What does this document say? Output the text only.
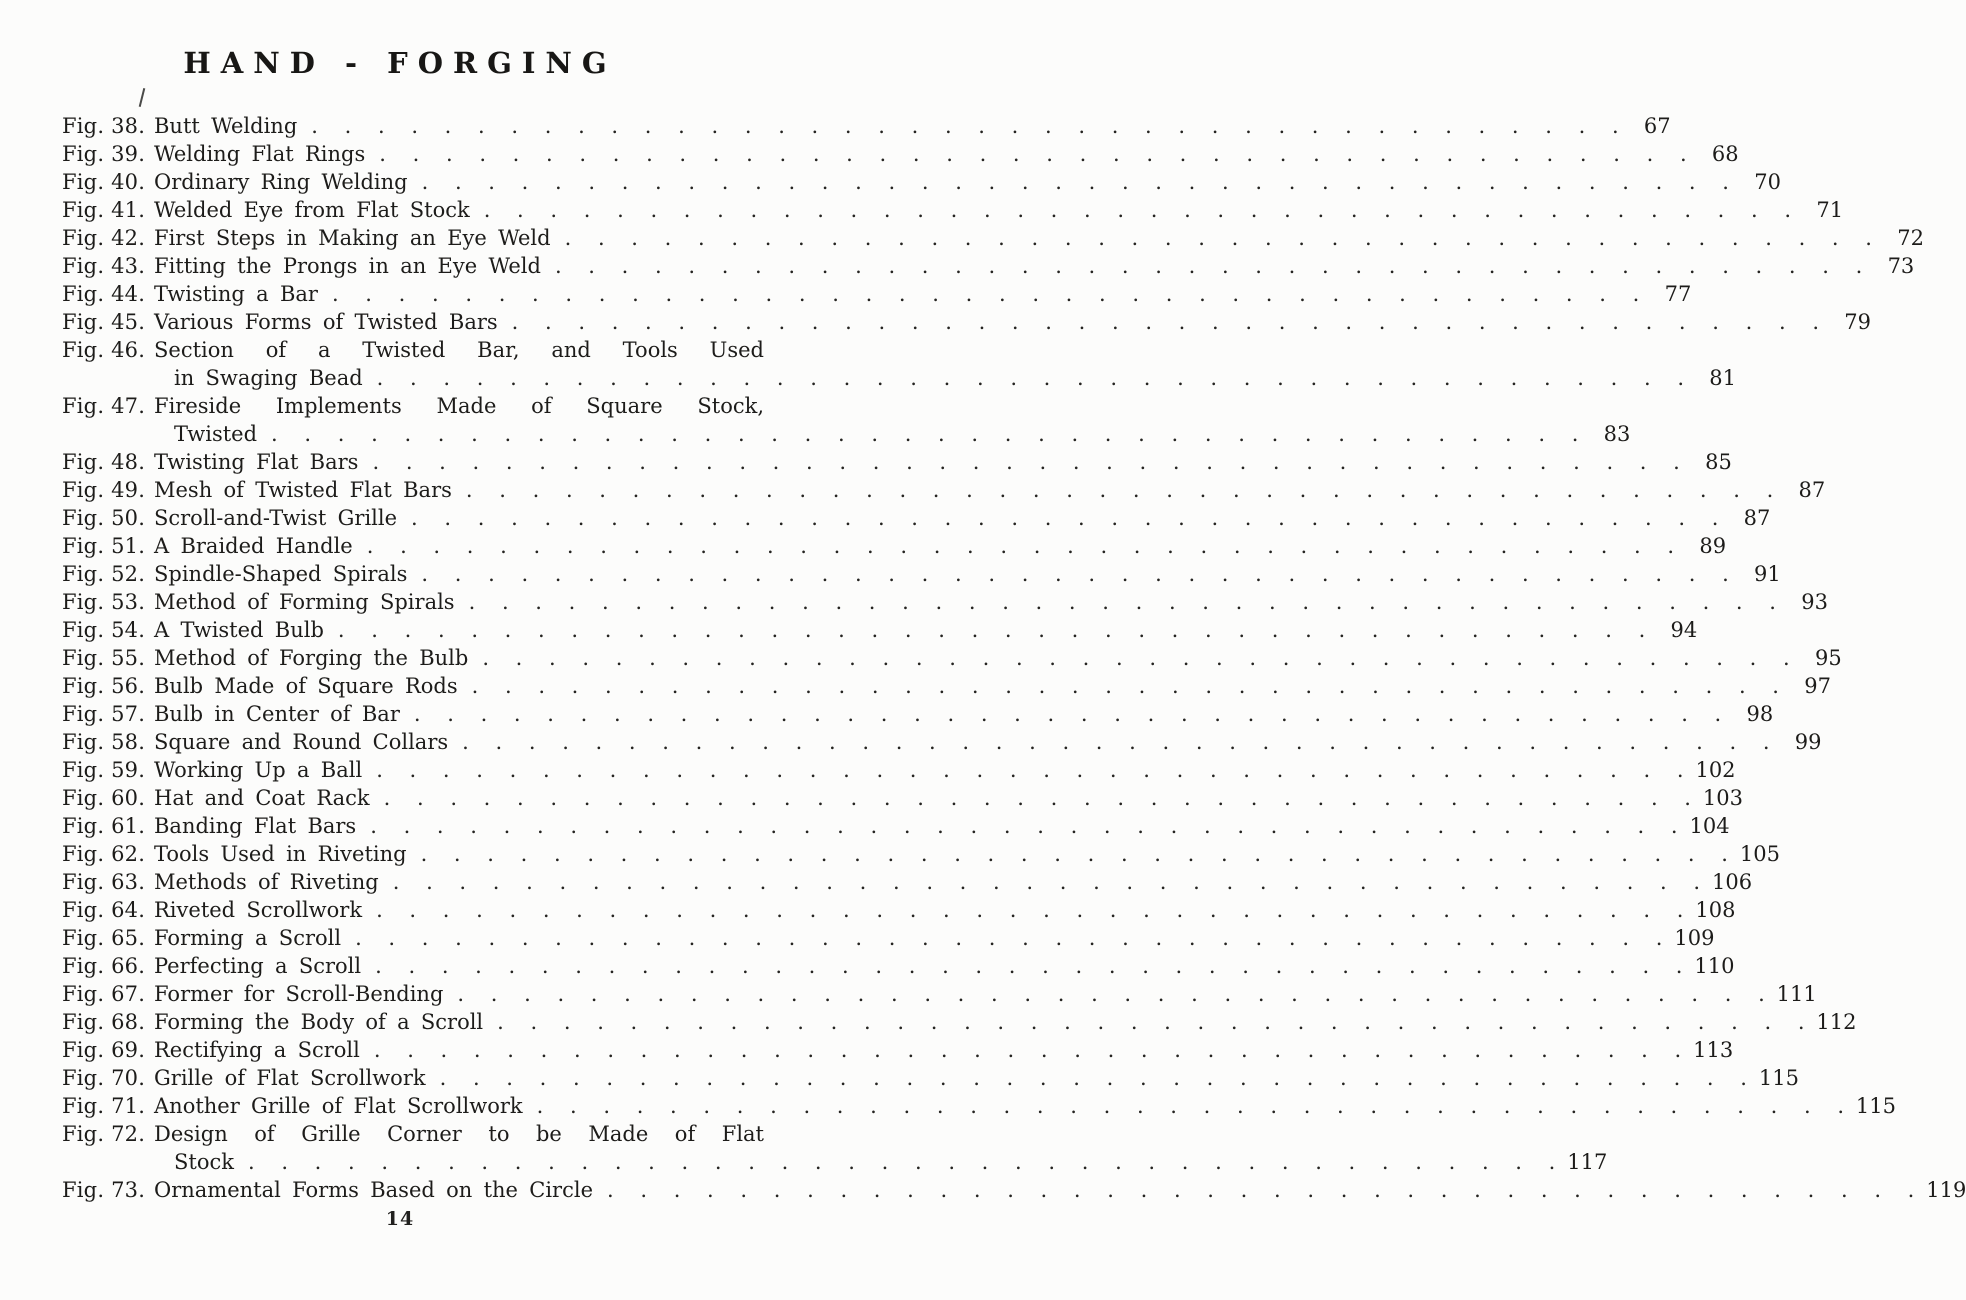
HAND - FORGING
Fig. 38. Butt Welding . . . . . . . . . . . . . . . . . . . . . . . . . . . . . . . . . . . . . . . .	67
Fig. 39. Welding Flat Rings . . . . . . . . . . . . . . . . . . . . . . . . . . . . . . . . . . . . . . . .	68
Fig. 40. Ordinary Ring Welding . . . . . . . . . . . . . . . . . . . . . . . . . . . . . . . . . . . . . . . .	70
Fig. 41. Welded Eye from Flat Stock . . . . . . . . . . . . . . . . . . . . . . . . . . . . . . . . . . . . . . . .	71
Fig. 42. First Steps in Making an Eye Weld . . . . . . . . . . . . . . . . . . . . . . . . . . . . . . . . . . . . . . . .	72
Fig. 43. Fitting the Prongs in an Eye Weld . . . . . . . . . . . . . . . . . . . . . . . . . . . . . . . . . . . . . . . .	73
Fig. 44. Twisting a Bar . . . . . . . . . . . . . . . . . . . . . . . . . . . . . . . . . . . . . . . .	77
Fig. 45. Various Forms of Twisted Bars . . . . . . . . . . . . . . . . . . . . . . . . . . . . . . . . . . . . . . . .	79
Fig. 46. Section of a Twisted Bar, and Tools Used
in Swaging Bead . . . . . . . . . . . . . . . . . . . . . . . . . . . . . . . . . . . . . . . .	81
Fig. 47. Fireside Implements Made of Square Stock,
Twisted . . . . . . . . . . . . . . . . . . . . . . . . . . . . . . . . . . . . . . . .	83
Fig. 48. Twisting Flat Bars . . . . . . . . . . . . . . . . . . . . . . . . . . . . . . . . . . . . . . . .	85
Fig. 49. Mesh of Twisted Flat Bars . . . . . . . . . . . . . . . . . . . . . . . . . . . . . . . . . . . . . . . .	87
Fig. 50. Scroll-and-Twist Grille . . . . . . . . . . . . . . . . . . . . . . . . . . . . . . . . . . . . . . . .	87
Fig. 51. A Braided Handle . . . . . . . . . . . . . . . . . . . . . . . . . . . . . . . . . . . . . . . .	89
Fig. 52. Spindle-Shaped Spirals . . . . . . . . . . . . . . . . . . . . . . . . . . . . . . . . . . . . . . . .	91
Fig. 53. Method of Forming Spirals . . . . . . . . . . . . . . . . . . . . . . . . . . . . . . . . . . . . . . . .	93
Fig. 54. A Twisted Bulb . . . . . . . . . . . . . . . . . . . . . . . . . . . . . . . . . . . . . . . .	94
Fig. 55. Method of Forging the Bulb . . . . . . . . . . . . . . . . . . . . . . . . . . . . . . . . . . . . . . . .	95
Fig. 56. Bulb Made of Square Rods . . . . . . . . . . . . . . . . . . . . . . . . . . . . . . . . . . . . . . . .	97
Fig. 57. Bulb in Center of Bar . . . . . . . . . . . . . . . . . . . . . . . . . . . . . . . . . . . . . . . .	98
Fig. 58. Square and Round Collars . . . . . . . . . . . . . . . . . . . . . . . . . . . . . . . . . . . . . . . .	99
Fig. 59. Working Up a Ball . . . . . . . . . . . . . . . . . . . . . . . . . . . . . . . . . . . . . . . . 102
Fig. 60. Hat and Coat Rack . . . . . . . . . . . . . . . . . . . . . . . . . . . . . . . . . . . . . . . . 103
Fig. 61. Banding Flat Bars . . . . . . . . . . . . . . . . . . . . . . . . . . . . . . . . . . . . . . . . 104
Fig. 62. Tools Used in Riveting . . . . . . . . . . . . . . . . . . . . . . . . . . . . . . . . . . . . . . . . 105
Fig. 63. Methods of Riveting . . . . . . . . . . . . . . . . . . . . . . . . . . . . . . . . . . . . . . . . 106
Fig. 64. Riveted Scrollwork . . . . . . . . . . . . . . . . . . . . . . . . . . . . . . . . . . . . . . . . 108
Fig. 65. Forming a Scroll . . . . . . . . . . . . . . . . . . . . . . . . . . . . . . . . . . . . . . . . 109
Fig. 66. Perfecting a Scroll . . . . . . . . . . . . . . . . . . . . . . . . . . . . . . . . . . . . . . . . 110
Fig. 67. Former for Scroll-Bending . . . . . . . . . . . . . . . . . . . . . . . . . . . . . . . . . . . . . . . . 111
Fig. 68. Forming the Body of a Scroll . . . . . . . . . . . . . . . . . . . . . . . . . . . . . . . . . . . . . . . . 112
Fig. 69. Rectifying a Scroll . . . . . . . . . . . . . . . . . . . . . . . . . . . . . . . . . . . . . . . . 113
Fig. 70. Grille of Flat Scrollwork . . . . . . . . . . . . . . . . . . . . . . . . . . . . . . . . . . . . . . . . 115
Fig. 71. Another Grille of Flat Scrollwork . . . . . . . . . . . . . . . . . . . . . . . . . . . . . . . . . . . . . . . . 115
Fig. 72. Design of Grille Corner to be Made of Flat
Stock . . . . . . . . . . . . . . . . . . . . . . . . . . . . . . . . . . . . . . . . 117
Fig. 73. Ornamental Forms Based on the Circle . . . . . . . . . . . . . . . . . . . . . . . . . . . . . . . . . . . . . . . . 119
14
